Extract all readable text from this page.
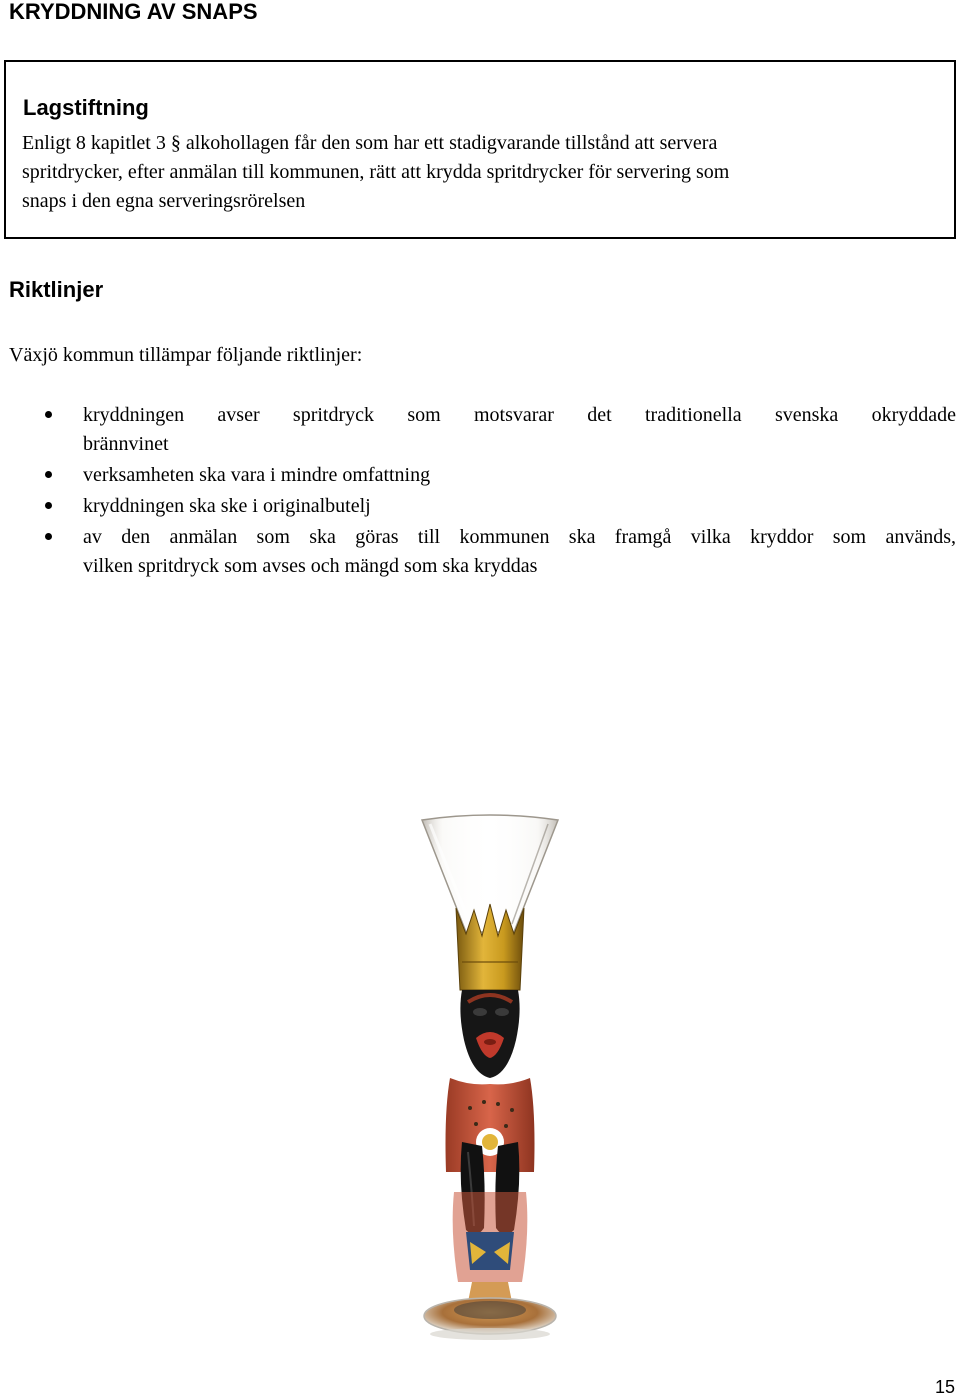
KRYDDNING AV SNAPS
Lagstiftning

Enligt 8 kapitlet 3 § alkohollagen får den som har ett stadigvarande tillstånd att servera
spritdrycker, efter anmälan till kommunen, rätt att krydda spritdrycker för servering som
snaps i den egna serveringsrörelsen

Riktlinjer

Växjö kommun tillämpar följande riktlinjer:

kryddningen avser spritdryck som motsvarar det traditionella svenska okryddade
brännvinet
verksamheten ska vara i mindre omfattning
kryddningen ska ske i originalbutelj
av den anmälan som ska göras till kommunen ska framgå vilka kryddor som används,
vilken spritdryck som avses och mängd som ska kryddas
15
